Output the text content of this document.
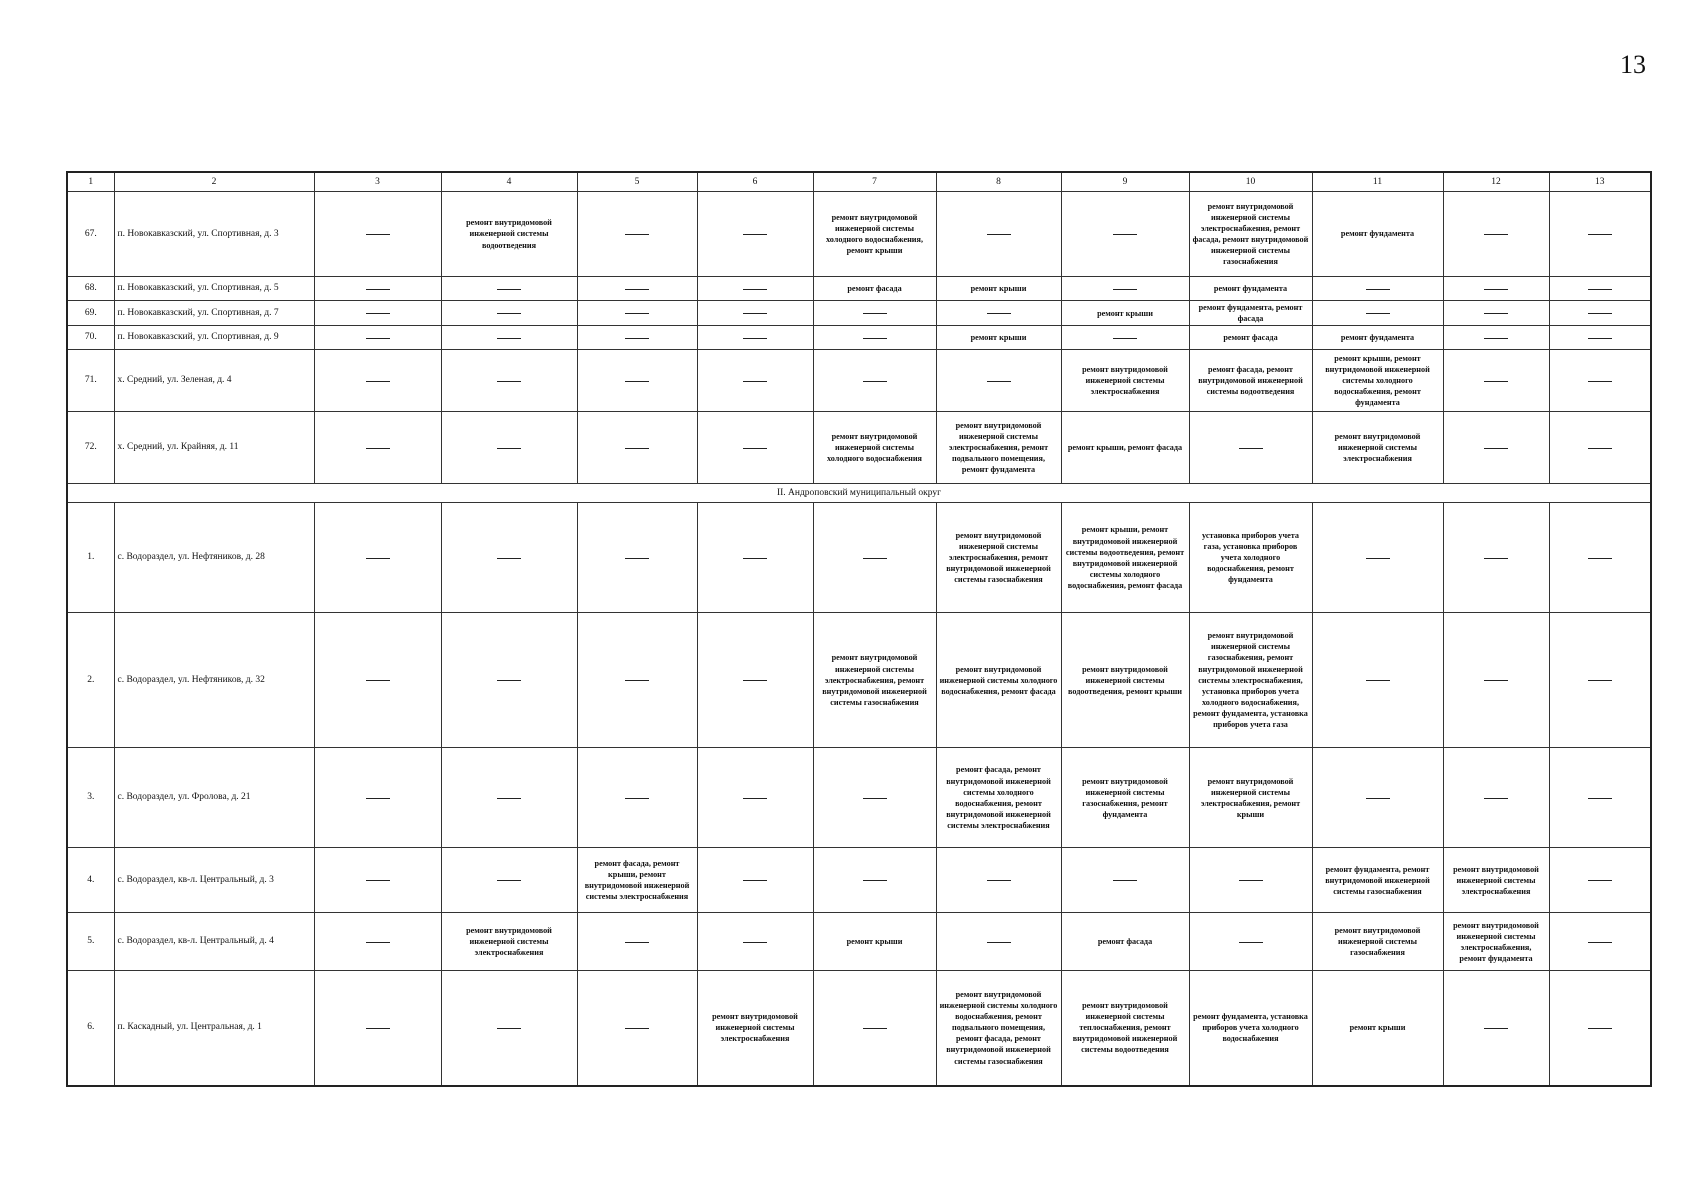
13
1	2	3	4	5	6	7	8	9	10	11	12	13
67.	п. Новокавказский, ул. Спортивная, д. 3		ремонт внутридомовой инженерной системы водоотведения			ремонт внутридомовой инженерной системы холодного водоснабжения, ремонт крыши			ремонт внутридомовой инженерной системы электроснабжения, ремонт фасада, ремонт внутридомовой инженерной системы газоснабжения	ремонт фундамента		
68.	п. Новокавказский, ул. Спортивная, д. 5					ремонт фасада	ремонт крыши		ремонт фундамента			
69.	п. Новокавказский, ул. Спортивная, д. 7							ремонт крыши	ремонт фундамента, ремонт фасада			
70.	п. Новокавказский, ул. Спортивная, д. 9						ремонт крыши		ремонт фасада	ремонт фундамента		
71.	х. Средний, ул. Зеленая, д. 4							ремонт внутридомовой инженерной системы электроснабжения	ремонт фасада, ремонт внутридомовой инженерной системы водоотведения	ремонт крыши, ремонт внутридомовой инженерной системы холодного водоснабжения, ремонт фундамента		
72.	х. Средний, ул. Крайняя, д. 11					ремонт внутридомовой инженерной системы холодного водоснабжения	ремонт внутридомовой инженерной системы электроснабжения, ремонт подвального помещения, ремонт фундамента	ремонт крыши, ремонт фасада		ремонт внутридомовой инженерной системы электроснабжения		
II. Андроповский муниципальный округ												
1.	с. Водораздел, ул. Нефтяников, д. 28						ремонт внутридомовой инженерной системы электроснабжения, ремонт внутридомовой инженерной системы газоснабжения	ремонт крыши, ремонт внутридомовой инженерной системы водоотведения, ремонт внутридомовой инженерной системы холодного водоснабжения, ремонт фасада	установка приборов учета газа, установка приборов учета холодного водоснабжения, ремонт фундамента			
2.	с. Водораздел, ул. Нефтяников, д. 32					ремонт внутридомовой инженерной системы электроснабжения, ремонт внутридомовой инженерной системы газоснабжения	ремонт внутридомовой инженерной системы холодного водоснабжения, ремонт фасада	ремонт внутридомовой инженерной системы водоотведения, ремонт крыши	ремонт внутридомовой инженерной системы газоснабжения, ремонт внутридомовой инженерной системы электроснабжения, установка приборов учета холодного водоснабжения, ремонт фундамента, установка приборов учета газа			
3.	с. Водораздел, ул. Фролова, д. 21						ремонт фасада, ремонт внутридомовой инженерной системы холодного водоснабжения, ремонт внутридомовой инженерной системы электроснабжения	ремонт внутридомовой инженерной системы газоснабжения, ремонт фундамента	ремонт внутридомовой инженерной системы электроснабжения, ремонт крыши			
4.	с. Водораздел, кв-л. Центральный, д. 3			ремонт фасада, ремонт крыши, ремонт внутридомовой инженерной системы электроснабжения						ремонт фундамента, ремонт внутридомовой инженерной системы газоснабжения	ремонт внутридомовой инженерной системы электроснабжения	
5.	с. Водораздел, кв-л. Центральный, д. 4		ремонт внутридомовой инженерной системы электроснабжения			ремонт крыши		ремонт фасада		ремонт внутридомовой инженерной системы газоснабжения	ремонт внутридомовой инженерной системы электроснабжения, ремонт фундамента	
6.	п. Каскадный, ул. Центральная, д. 1				ремонт внутридомовой инженерной системы электроснабжения		ремонт внутридомовой инженерной системы холодного водоснабжения, ремонт подвального помещения, ремонт фасада, ремонт внутридомовой инженерной системы газоснабжения	ремонт внутридомовой инженерной системы теплоснабжения, ремонт внутридомовой инженерной системы водоотведения	ремонт фундамента, установка приборов учета холодного водоснабжения	ремонт крыши		
